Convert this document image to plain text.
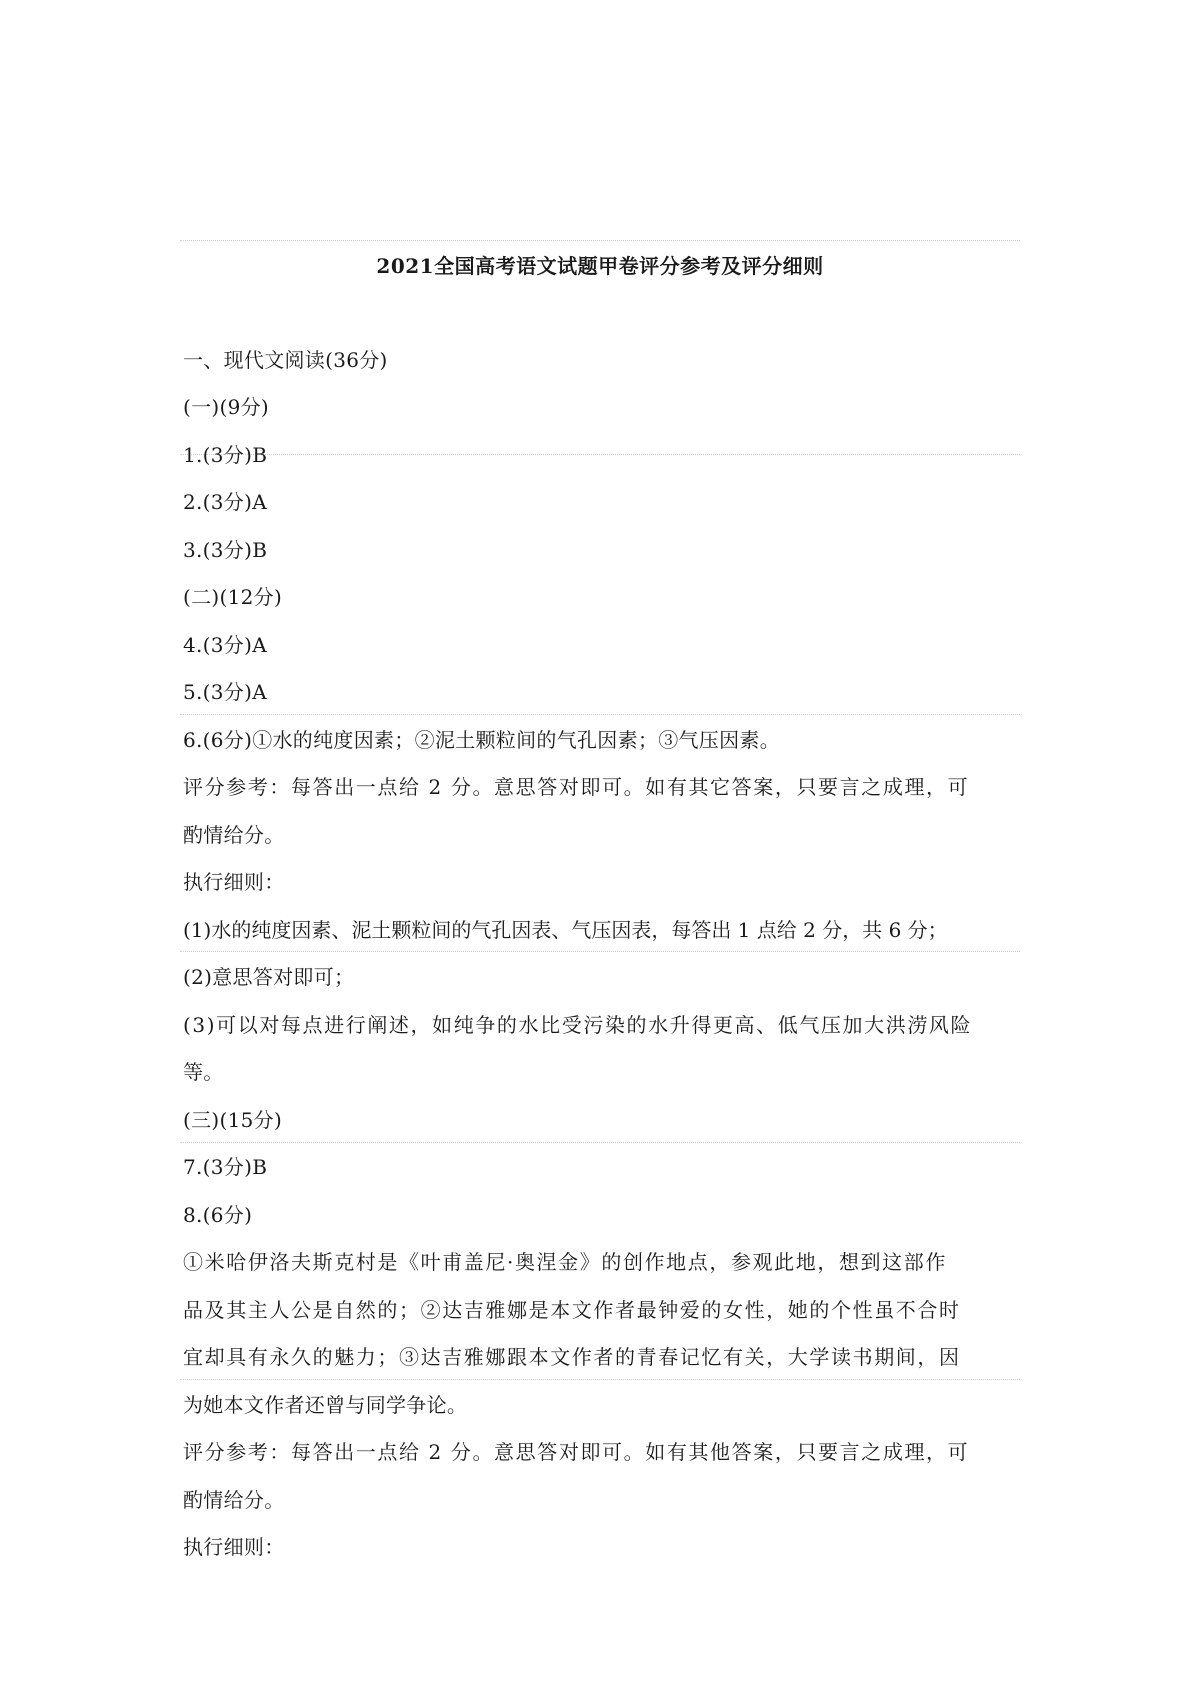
2021全国高考语文试题甲卷评分参考及评分细则
一、现代文阅读(36分)
(一)(9分)
1.(3分)B
2.(3分)A
3.(3分)B
(二)(12分)
4.(3分)A
5.(3分)A
6.(6分)①水的纯度因素；②泥土颗粒间的气孔因素；③气压因素。
评分参考：每答出一点给 2 分。意思答对即可。如有其它答案，只要言之成理，可
酌情给分。
执行细则：
(1)水的纯度因素、泥土颗粒间的气孔因表、气压因表，每答出 1 点给 2 分，共 6 分；
(2)意思答对即可；
(3)可以对每点进行阐述，如纯争的水比受污染的水升得更高、低气压加大洪涝风险
等。
(三)(15分)
7.(3分)B
8.(6分)
①米哈伊洛夫斯克村是《叶甫盖尼·奥涅金》的创作地点，参观此地，想到这部作
品及其主人公是自然的；②达吉雅娜是本文作者最钟爱的女性，她的个性虽不合时
宜却具有永久的魅力；③达吉雅娜跟本文作者的青春记忆有关，大学读书期间，因
为她本文作者还曾与同学争论。
评分参考：每答出一点给 2 分。意思答对即可。如有其他答案，只要言之成理，可
酌情给分。
执行细则：
